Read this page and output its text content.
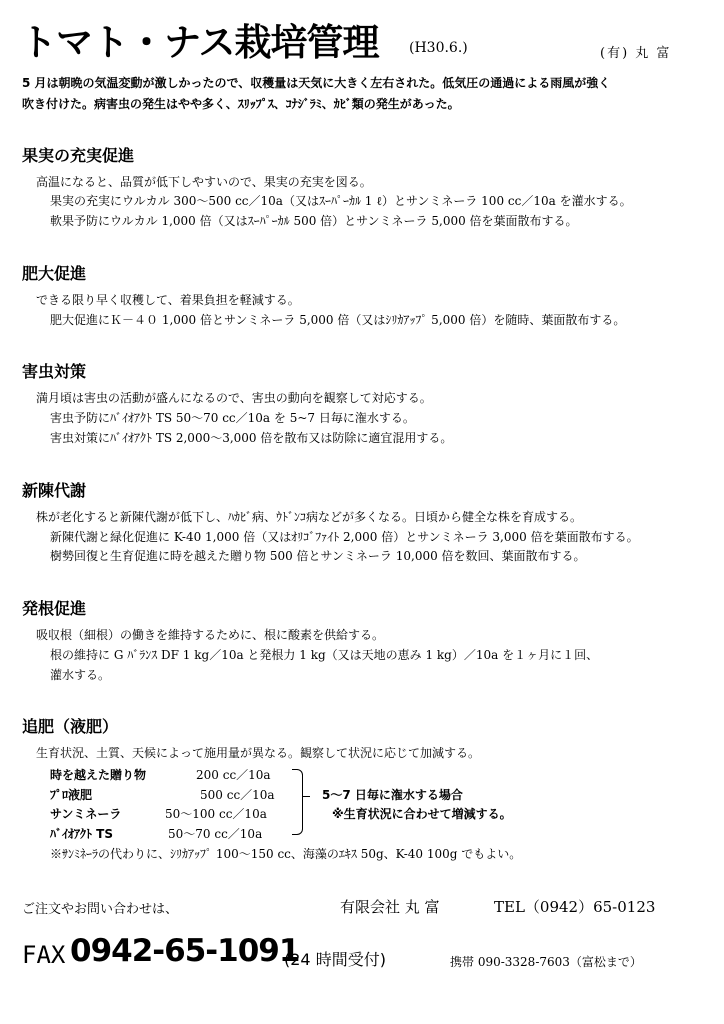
トマト・ナス栽培管理 (H30.6.)	(有) 丸 富
5 月は朝晩の気温変動が激しかったので、収穫量は天気に大きく左右された。低気圧の通過による雨風が強く
吹き付けた。病害虫の発生はやや多く、ｽﾘｯﾌﾟｽ、ｺﾅｼﾞﾗﾐ、ｶﾋﾞ類の発生があった。
果実の充実促進
高温になると、品質が低下しやすいので、果実の充実を図る。
果実の充実にウルカル 300～500 cc／10a（又はｽｰﾊﾟｰｶﾙ 1 ℓ）とサンミネーラ 100 cc／10a を灌水する。
軟果予防にウルカル 1,000 倍（又はｽｰﾊﾟｰｶﾙ 500 倍）とサンミネーラ 5,000 倍を葉面散布する。
肥大促進
できる限り早く収穫して、着果負担を軽減する。
肥大促進にＫ－４０ 1,000 倍とサンミネーラ 5,000 倍（又はｼﾘｶｱｯﾌﾟ 5,000 倍）を随時、葉面散布する。
害虫対策
満月頃は害虫の活動が盛んになるので、害虫の動向を観察して対応する。
害虫予防にﾊﾞｲｵｱｸﾄ TS 50～70 cc／10a を 5~7 日毎に潅水する。
害虫対策にﾊﾞｲｵｱｸﾄ TS 2,000～3,000 倍を散布又は防除に適宜混用する。
新陳代謝
株が老化すると新陳代謝が低下し、ﾊｶﾋﾞ病、ｳﾄﾞﾝｺ病などが多くなる。日頃から健全な株を育成する。
新陳代謝と緑化促進に K-40 1,000 倍（又はｵﾘｺﾞﾌｧｲﾄ 2,000 倍）とサンミネーラ 3,000 倍を葉面散布する。
樹勢回復と生育促進に時を越えた贈り物 500 倍とサンミネーラ 10,000 倍を数回、葉面散布する。
発根促進
吸収根（細根）の働きを維持するために、根に酸素を供給する。
根の維持に G ﾊﾞﾗﾝｽ DF 1 kg／10a と発根力 1 kg（又は天地の恵み 1 kg）／10a を１ヶ月に１回、
灌水する。
追肥（液肥）
生育状況、土質、天候によって施用量が異なる。観察して状況に応じて加減する。
時を越えた贈り物	200 cc／10a
ﾌﾟﾛ液肥	500 cc／10a
サンミネーラ	50～100 cc／10a
ﾊﾞｲｵｱｸﾄ TS	50～70 cc／10a
5～7 日毎に潅水する場合
※生育状況に合わせて増減する。
※ｻﾝﾐﾈｰﾗの代わりに、ｼﾘｶｱｯﾌﾟ 100～150 cc、海藻のｴｷｽ 50g、K-40 100g でもよい。
ご注文やお問い合わせは、	有限会社 丸 富	TEL（0942）65-0123
FAX 0942-65-1091
(24 時間受付)	携帯 090-3328-7603（富松まで）
